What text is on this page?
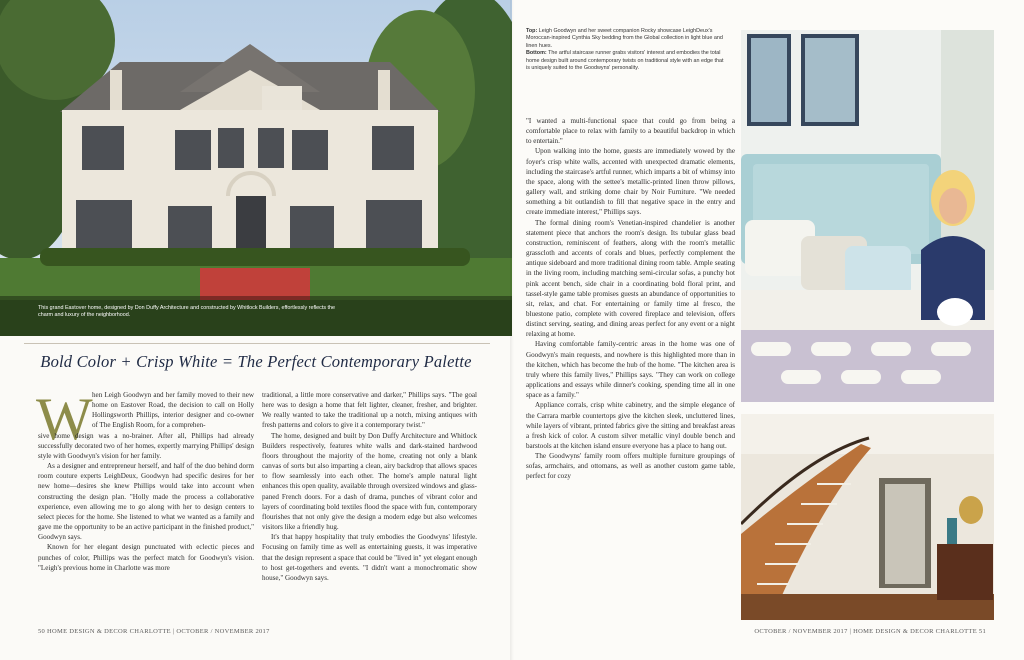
This grand Eastover home, designed by Don Duffy Architecture and constructed by Whitlock Builders, effortlessly reflects the charm and luxury of the neighborhood.
Bold Color + Crisp White = The Perfect Contemporary Palette
W hen Leigh Goodwyn and her family moved to their new home on Eastover Road, the decision to call on Holly Hollingsworth Phillips, interior designer and co-owner of The English Room, for a comprehen-

sive home design was a no-brainer. After all, Phillips had already successfully decorated two of her homes, expertly marrying Phillips' design style with Goodwyn's vision for her family.

As a designer and entrepreneur herself, and half of the duo behind dorm room couture experts LeighDeux, Goodwyn had specific desires for her new home—desires she knew Phillips would take into account when constructing the design plan. "Holly made the process a collaborative experience, even allowing me to go along with her to design centers to select pieces for the home. She listened to what we wanted as a family and gave me the opportunity to be an active participant in the finished product," Goodwyn says.

Known for her elegant design punctuated with eclectic pieces and punches of color, Phillips was the perfect match for Goodwyn's vision. "Leigh's previous home in Charlotte was more

traditional, a little more conservative and darker," Phillips says. "The goal here was to design a home that felt lighter, cleaner, fresher, and brighter. We really wanted to take the traditional up a notch, mixing antiques with fresh patterns and colors to give it a contemporary twist."

The home, designed and built by Don Duffy Architecture and Whitlock Builders respectively, features white walls and dark-stained hardwood floors throughout the majority of the home, creating not only a blank canvas of sorts but also imparting a clean, airy backdrop that allows spaces to flow seamlessly into each other. The home's ample natural light enhances this open quality, available through oversized windows and glass-paned French doors. For a dash of drama, punches of vibrant color and layers of coordinating bold textiles flood the space with fun, contemporary flourishes that not only give the design a modern edge but also welcomes visitors like a friendly hug.

It's that happy hospitality that truly embodies the Goodwyns' lifestyle. Focusing on family time as well as entertaining guests, it was imperative that the design represent a space that could be "lived in" yet elegant enough to host get-togethers and events. "I didn't want a monochromatic show house," Goodwyn says.

50 HOME DESIGN & DECOR CHARLOTTE | OCTOBER / NOVEMBER 2017
Top: Leigh Goodwyn and her sweet companion Rocky showcase LeighDeux's Moroccan-inspired Cynthia Sky bedding from the Global collection in light blue and linen hues.
Bottom: The artful staircase runner grabs visitors' interest and embodies the total home design built around contemporary twists on traditional style with an edge that is uniquely suited to the Goodwyns' personality.

"I wanted a multi-functional space that could go from being a comfortable place to relax with family to a beautiful backdrop in which to entertain."

Upon walking into the home, guests are immediately wowed by the foyer's crisp white walls, accented with unexpected dramatic elements, including the staircase's artful runner, which imparts a bit of whimsy into the space, along with the settee's metallic-printed linen throw pillows, gallery wall, and striking dome chair by Noir Furniture. "We needed something a bit outlandish to fill that negative space in the entry and create immediate interest," Phillips says.

The formal dining room's Venetian-inspired chandelier is another statement piece that anchors the room's design. Its tubular glass bead construction, reminiscent of feathers, along with the room's metallic grasscloth and accents of corals and blues, perfectly complement the antique sideboard and more traditional dining room table. Ample seating in the living room, including matching semi-circular sofas, a punchy hot pink accent bench, side chair in a coordinating bold floral print, and tassel-style game table promises guests an abundance of opportunities to sit, relax, and chat. For entertaining or family time al fresco, the bluestone patio, complete with covered fireplace and television, offers distinct serving, seating, and dining areas perfect for any event or a night relaxing at home.

Having comfortable family-centric areas in the home was one of Goodwyn's main requests, and nowhere is this highlighted more than in the kitchen, which has become the hub of the home. "The kitchen area is truly where this family lives," Phillips says. "They can work on college applications and essays while dinner's cooking, spending time all in one space as a family."

Appliance corrals, crisp white cabinetry, and the simple elegance of the Carrara marble countertops give the kitchen sleek, uncluttered lines, while layers of vibrant, printed fabrics give the sitting and breakfast areas a fresh kick of color. A custom silver metallic vinyl double bench and barstools at the kitchen island ensure everyone has a place to hang out.

The Goodwyns' family room offers multiple furniture groupings of sofas, armchairs, and ottomans, as well as another custom game table, perfect for cozy

OCTOBER / NOVEMBER 2017 | HOME DESIGN & DECOR CHARLOTTE 51
